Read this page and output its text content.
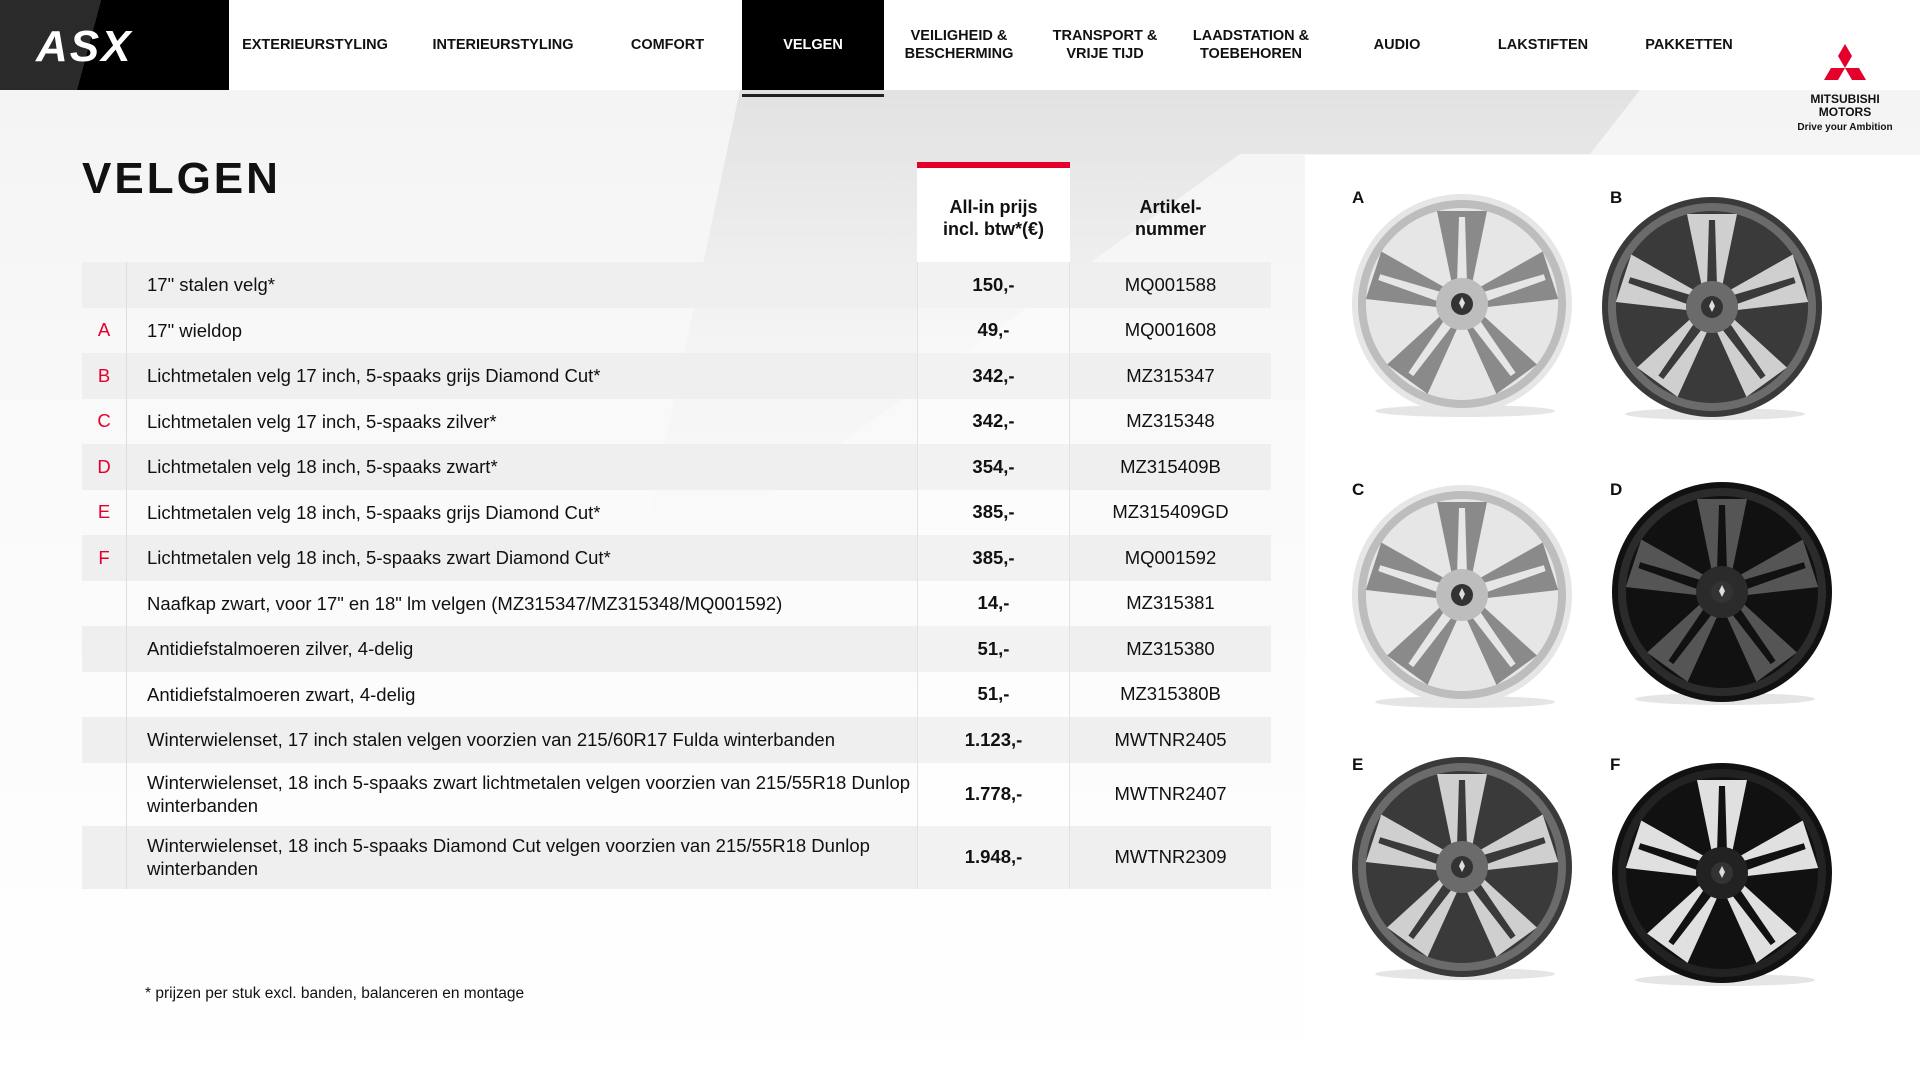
ASX	EXTERIEURSTYLING	INTERIEURSTYLING	COMFORT	VELGEN
VEILIGHEID &
BESCHERMING
TRANSPORT &
VRIJE TIJD
LAADSTATION &
TOEBEHOREN
AUDIO	LAKSTIFTEN	PAKKETTEN
MITSUBISHI
MOTORS
Drive your Ambition
VELGEN
All-in prijs
incl. btw*(€)
Artikel-
nummer
17" stalen velg*	150,-	MQ001588
A	17" wieldop	49,-	MQ001608
B	Lichtmetalen velg 17 inch, 5-spaaks grijs Diamond Cut*	342,-	MZ315347
C	Lichtmetalen velg 17 inch, 5-spaaks zilver*	342,-	MZ315348
D	Lichtmetalen velg 18 inch, 5-spaaks zwart*	354,-	MZ315409B
E	Lichtmetalen velg 18 inch, 5-spaaks grijs Diamond Cut*	385,-	MZ315409GD
F	Lichtmetalen velg 18 inch, 5-spaaks zwart Diamond Cut*	385,-	MQ001592
Naafkap zwart, voor 17" en 18" lm velgen (MZ315347/MZ315348/MQ001592)	14,-	MZ315381
Antidiefstalmoeren zilver, 4-delig	51,-	MZ315380
Antidiefstalmoeren zwart, 4-delig	51,-	MZ315380B
Winterwielenset, 17 inch stalen velgen voorzien van 215/60R17 Fulda winterbanden	1.123,-	MWTNR2405
Winterwielenset, 18 inch 5-spaaks zwart lichtmetalen velgen voorzien van 215/55R18 Dunlop winterbanden
1.778,-	MWTNR2407
Winterwielenset, 18 inch 5-spaaks Diamond Cut velgen voorzien van 215/55R18 Dunlop winterbanden
1.948,-	MWTNR2309
* prijzen per stuk excl. banden, balanceren en montage
A	B
C	D
E	F
